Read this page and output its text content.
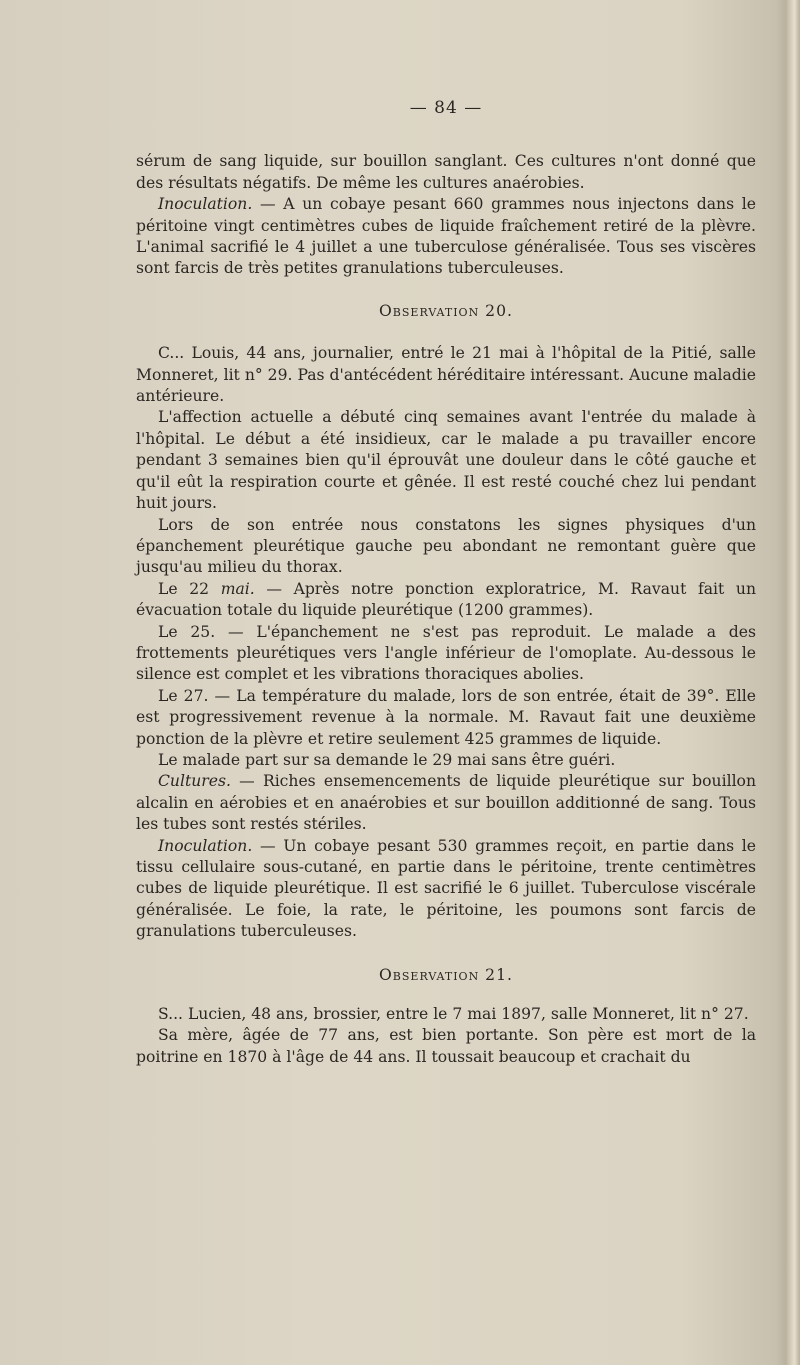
— 84 —

sérum de sang liquide, sur bouillon sanglant. Ces cultures n'ont donné que des résultats négatifs. De même les cultures anaérobies.

Inoculation. — A un cobaye pesant 660 grammes nous injectons dans le péritoine vingt centimètres cubes de liquide fraîchement retiré de la plèvre. L'animal sacrifié le 4 juillet a une tuberculose généralisée. Tous ses viscères sont farcis de très petites granulations tuberculeuses.

Observation 20.

C... Louis, 44 ans, journalier, entré le 21 mai à l'hôpital de la Pitié, salle Monneret, lit n° 29. Pas d'antécédent héréditaire intéressant. Aucune maladie antérieure.

L'affection actuelle a débuté cinq semaines avant l'entrée du malade à l'hôpital. Le début a été insidieux, car le malade a pu travailler encore pendant 3 semaines bien qu'il éprouvât une douleur dans le côté gauche et qu'il eût la respiration courte et gênée. Il est resté couché chez lui pendant huit jours.

Lors de son entrée nous constatons les signes physiques d'un épanchement pleurétique gauche peu abondant ne remontant guère que jusqu'au milieu du thorax.

Le 22 mai. — Après notre ponction exploratrice, M. Ravaut fait un évacuation totale du liquide pleurétique (1200 grammes).

Le 25. — L'épanchement ne s'est pas reproduit. Le malade a des frottements pleurétiques vers l'angle inférieur de l'omoplate. Au-dessous le silence est complet et les vibrations thoraciques abolies.

Le 27. — La température du malade, lors de son entrée, était de 39°. Elle est progressivement revenue à la normale. M. Ravaut fait une deuxième ponction de la plèvre et retire seulement 425 grammes de liquide.

Le malade part sur sa demande le 29 mai sans être guéri.

Cultures. — Riches ensemencements de liquide pleurétique sur bouillon alcalin en aérobies et en anaérobies et sur bouillon additionné de sang. Tous les tubes sont restés stériles.

Inoculation. — Un cobaye pesant 530 grammes reçoit, en partie dans le tissu cellulaire sous-cutané, en partie dans le péritoine, trente centimètres cubes de liquide pleurétique. Il est sacrifié le 6 juillet. Tuberculose viscérale généralisée. Le foie, la rate, le péritoine, les poumons sont farcis de granulations tuberculeuses.

Observation 21.

S... Lucien, 48 ans, brossier, entre le 7 mai 1897, salle Monneret, lit n° 27.

Sa mère, âgée de 77 ans, est bien portante. Son père est mort de la poitrine en 1870 à l'âge de 44 ans. Il toussait beaucoup et crachait du
